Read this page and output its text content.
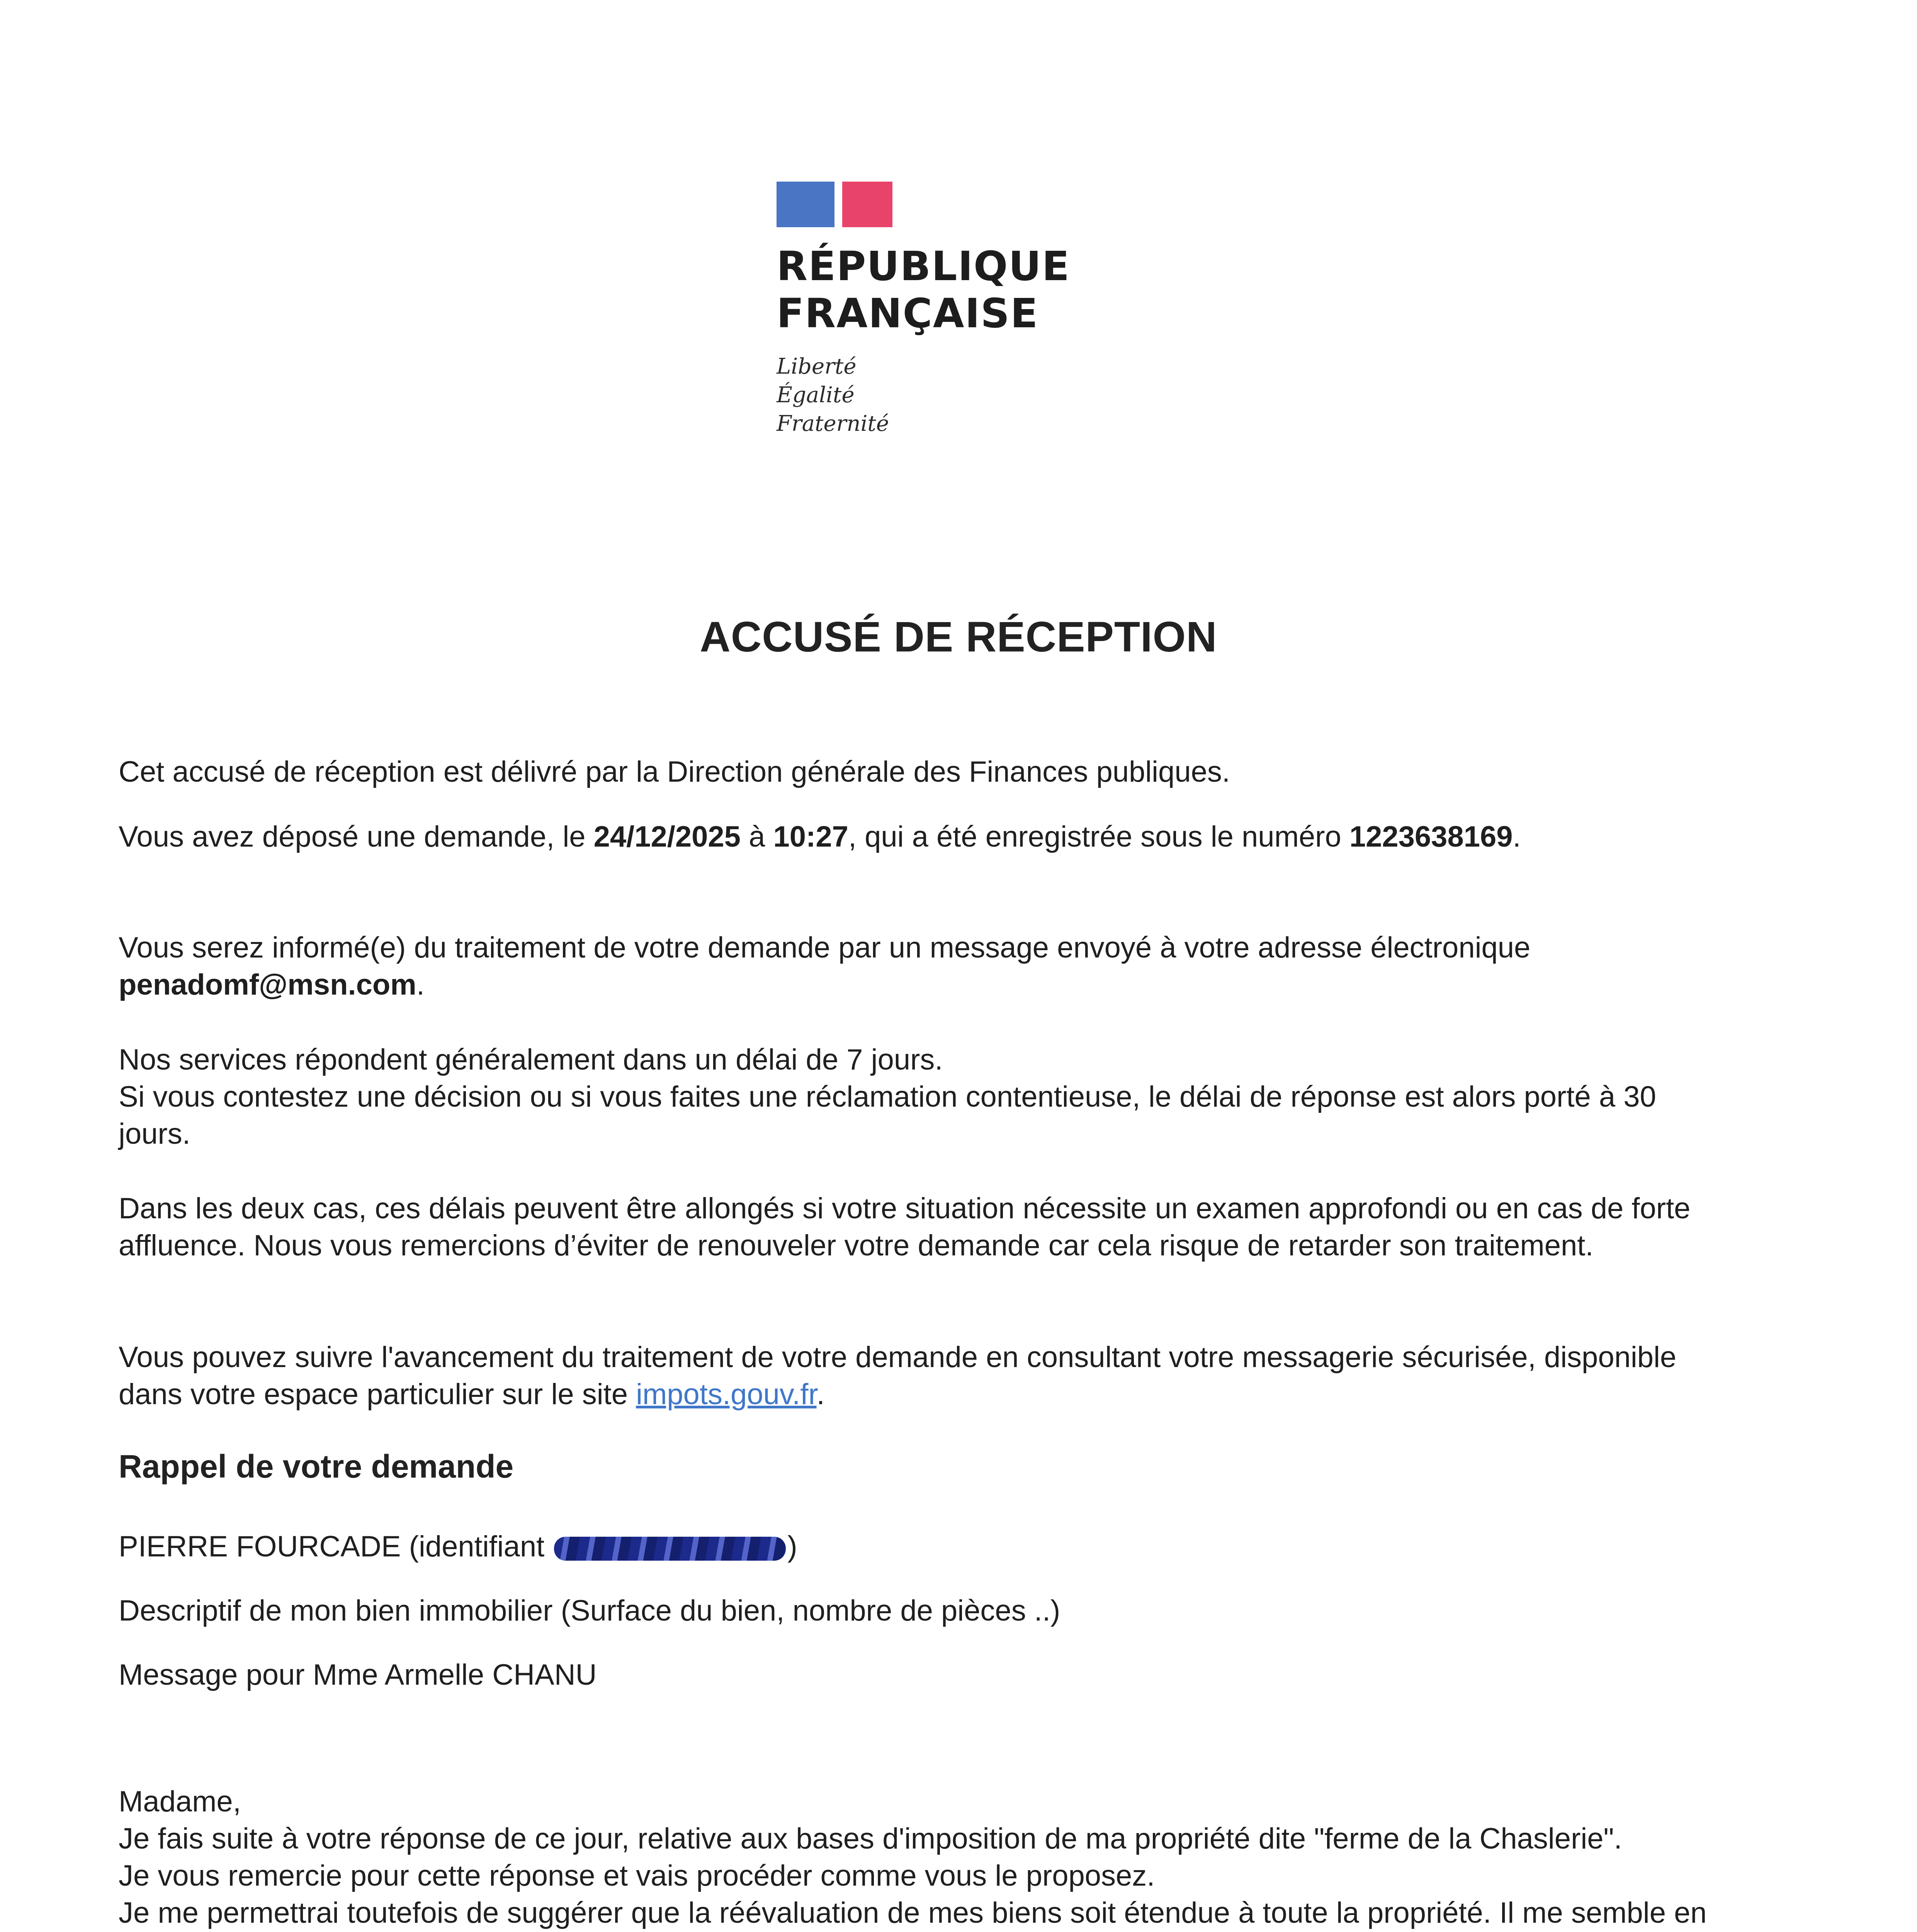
RÉPUBLIQUE
FRANÇAISE
Liberté
Égalité
Fraternité
ACCUSÉ DE RÉCEPTION

Cet accusé de réception est délivré par la Direction générale des Finances publiques.

Vous avez déposé une demande, le 24/12/2025 à 10:27, qui a été enregistrée sous le numéro 1223638169.

Vous serez informé(e) du traitement de votre demande par un message envoyé à votre adresse électronique
penadomf@msn.com.

Nos services répondent généralement dans un délai de 7 jours.

Si vous contestez une décision ou si vous faites une réclamation contentieuse, le délai de réponse est alors porté à 30 jours.

Dans les deux cas, ces délais peuvent être allongés si votre situation nécessite un examen approfondi ou en cas de forte affluence. Nous vous remercions d’éviter de renouveler votre demande car cela risque de retarder son traitement.

Vous pouvez suivre l'avancement du traitement de votre demande en consultant votre messagerie sécurisée, disponible dans votre espace particulier sur le site impots.gouv.fr.

Rappel de votre demande

PIERRE FOURCADE (identifiant	)

Descriptif de mon bien immobilier (Surface du bien, nombre de pièces ..)

Message pour Mme Armelle CHANU

Madame,

Je fais suite à votre réponse de ce jour, relative aux bases d'imposition de ma propriété dite "ferme de la Chaslerie".

Je vous remercie pour cette réponse et vais procéder comme vous le proposez.

Je me permettrai toutefois de suggérer que la réévaluation de mes biens soit étendue à toute la propriété. Il me semble en
